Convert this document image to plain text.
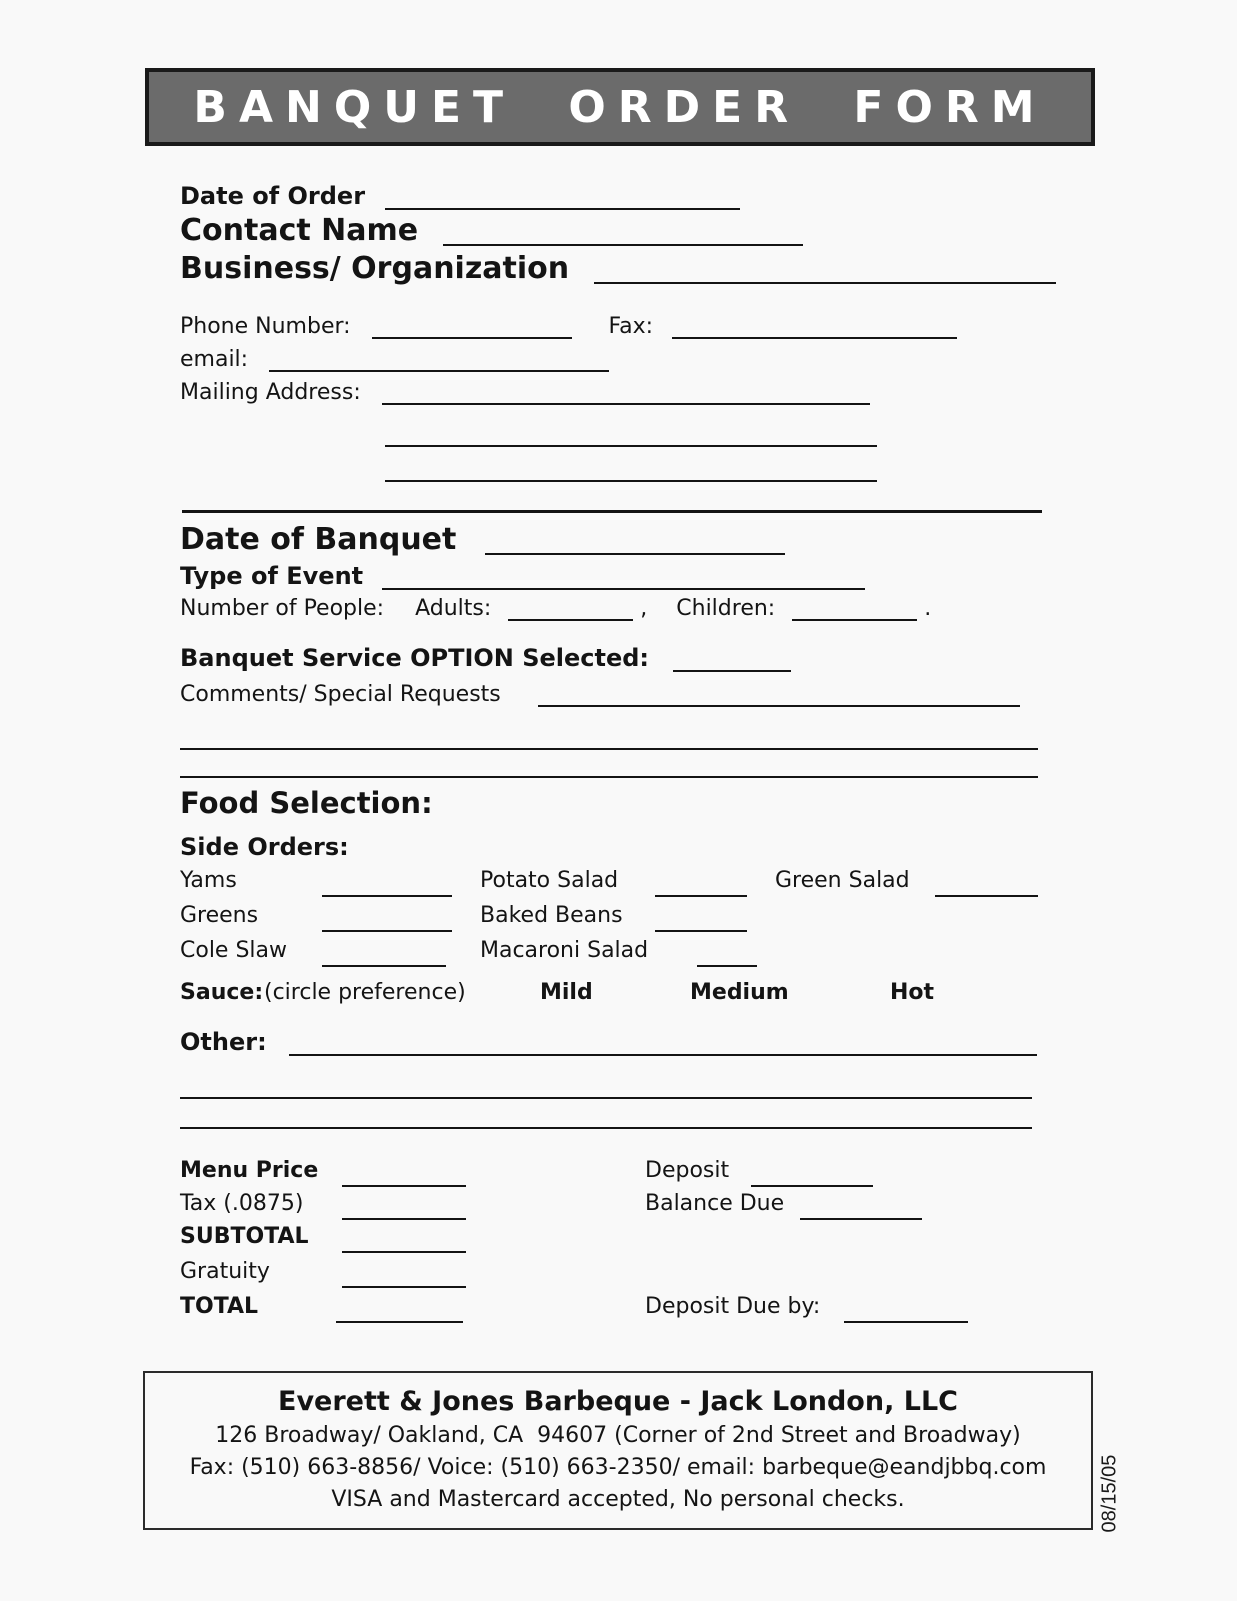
BANQUET ORDER FORM
Date of Order
Contact Name
Business/ Organization
Phone Number:	Fax:
email:
Mailing Address:
Date of Banquet
Type of Event
Number of People: Adults:	, Children:	.
Banquet Service OPTION Selected:
Comments/ Special Requests
Food Selection:
Side Orders:
Yams	Potato Salad	Green Salad
Greens	Baked Beans
Cole Slaw	Macaroni Salad
Sauce: (circle preference)	Mild	Medium	Hot
Other:
Menu Price	Deposit
Tax (.0875)	Balance Due
SUBTOTAL
Gratuity
TOTAL	Deposit Due by:
Everett & Jones Barbeque - Jack London, LLC
126 Broadway/ Oakland, CA  94607 (Corner of 2nd Street and Broadway)
Fax: (510) 663-8856/ Voice: (510) 663-2350/ email: barbeque@eandjbbq.com
VISA and Mastercard accepted, No personal checks.	08/15/05
